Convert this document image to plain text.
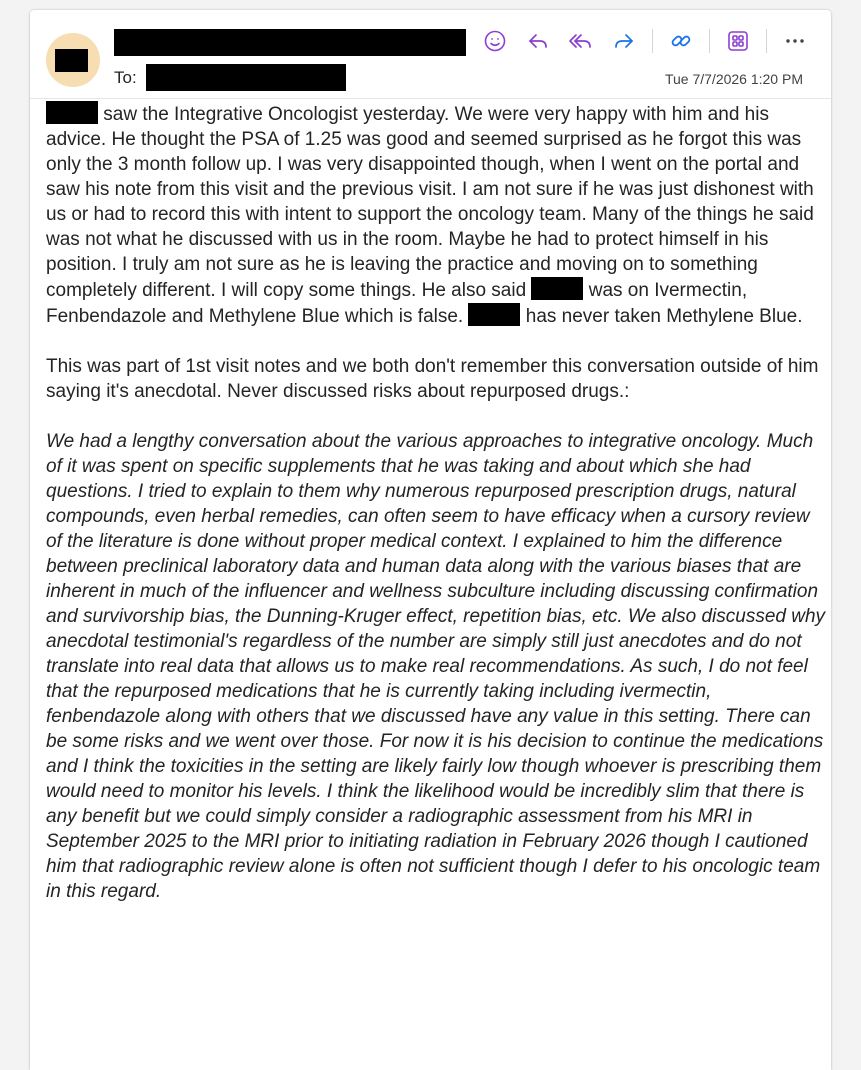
To:	Tue 7/7/2026 1:20 PM

saw the Integrative Oncologist yesterday. We were very happy with him and his advice. He thought the PSA of 1.25 was good and seemed surprised as he forgot this was only the 3 month follow up. I was very disappointed though, when I went on the portal and saw his note from this visit and the previous visit. I am not sure if he was just dishonest with us or had to record this with intent to support the oncology team. Many of the things he said was not what he discussed with us in the room. Maybe he had to protect himself in his position. I truly am not sure as he is leaving the practice and moving on to something completely different. I will copy some things. He also said	was on Ivermectin, Fenbendazole and Methylene Blue which is false.	has never taken Methylene Blue.

This was part of 1st visit notes and we both don't remember this conversation outside of him saying it's anecdotal. Never discussed risks about repurposed drugs.:

We had a lengthy conversation about the various approaches to integrative oncology. Much of it was spent on specific supplements that he was taking and about which she had questions. I tried to explain to them why numerous repurposed prescription drugs, natural compounds, even herbal remedies, can often seem to have efficacy when a cursory review of the literature is done without proper medical context. I explained to him the difference between preclinical laboratory data and human data along with the various biases that are inherent in much of the influencer and wellness subculture including discussing confirmation and survivorship bias, the Dunning-Kruger effect, repetition bias, etc. We also discussed why anecdotal testimonial's regardless of the number are simply still just anecdotes and do not translate into real data that allows us to make real recommendations. As such, I do not feel that the repurposed medications that he is currently taking including ivermectin, fenbendazole along with others that we discussed have any value in this setting. There can be some risks and we went over those. For now it is his decision to continue the medications and I think the toxicities in the setting are likely fairly low though whoever is prescribing them would need to monitor his levels. I think the likelihood would be incredibly slim that there is any benefit but we could simply consider a radiographic assessment from his MRI in September 2025 to the MRI prior to initiating radiation in February 2026 though I cautioned him that radiographic review alone is often not sufficient though I defer to his oncologic team in this regard.
